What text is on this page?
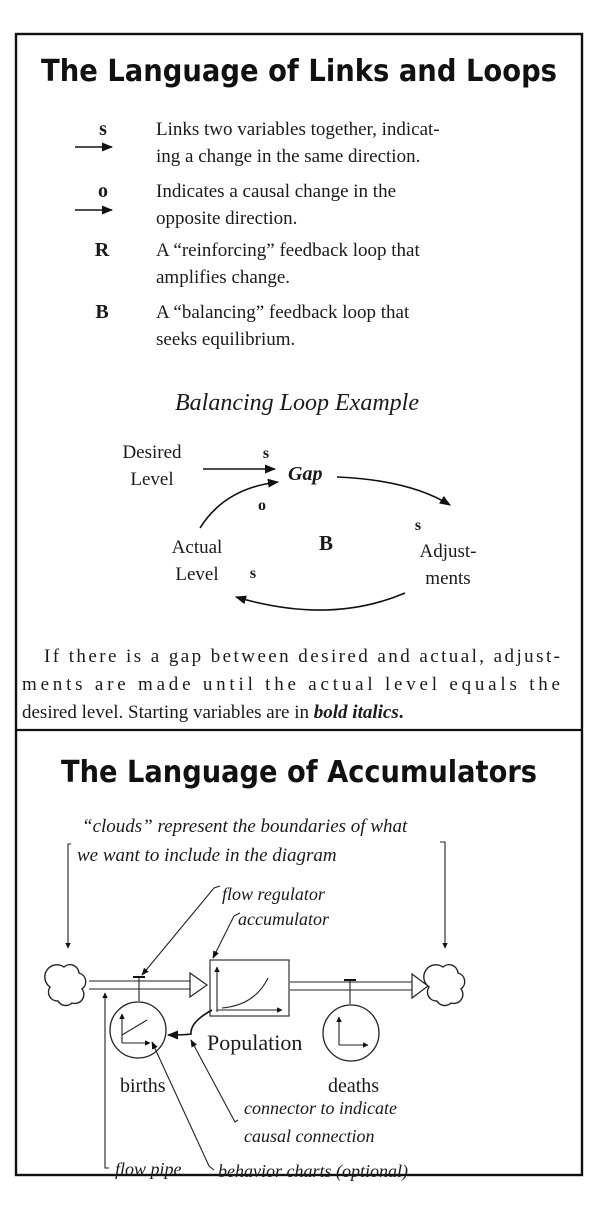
The Language of Links and Loops
s	Links two variables together, indicat-
ing a change in the same direction.
o	Indicates a causal change in the
opposite direction.
R A “reinforcing” feedback loop that
amplifies change.
B A “balancing” feedback loop that
seeks equilibrium.
Balancing Loop Example
Desired
Level	Gap
Actual
Level
Adjust-
ments
B
s
o
s
s
If there is a gap between desired and actual, adjust-
ments are made until the actual level equals the
desired level. Starting variables are in bold italics.
The Language of Accumulators
“clouds” represent the boundaries of what
we want to include in the diagram
Population
births	deaths
flow regulator
accumulator
connector to indicate
causal connection
flow pipe behavior charts (optional)
